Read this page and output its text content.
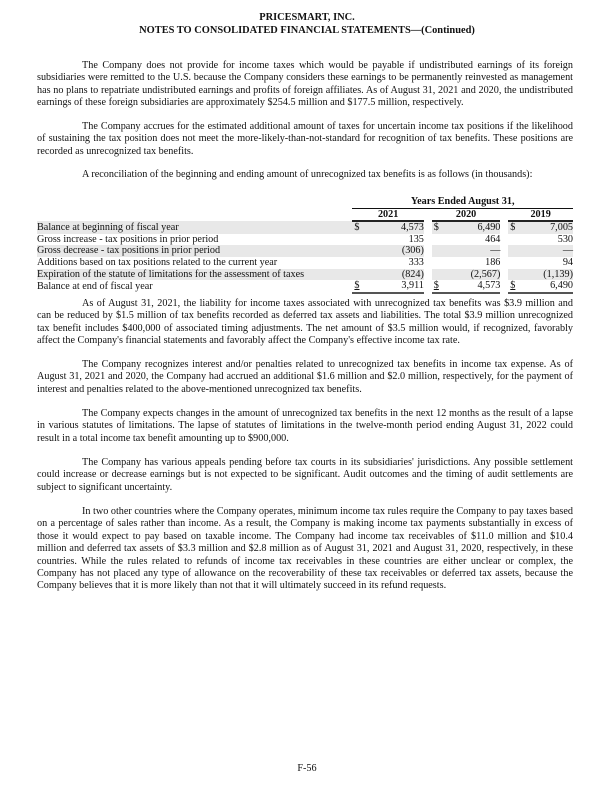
PRICESMART, INC.
NOTES TO CONSOLIDATED FINANCIAL STATEMENTS—(Continued)

The Company does not provide for income taxes which would be payable if undistributed earnings of its foreign subsidiaries were remitted to the U.S. because the Company considers these earnings to be permanently reinvested as management has no plans to repatriate undistributed earnings and profits of foreign affiliates. As of August 31, 2021 and 2020, the undistributed earnings of these foreign subsidiaries are approximately $254.5 million and $177.5 million, respectively.

The Company accrues for the estimated additional amount of taxes for uncertain income tax positions if the likelihood of sustaining the tax position does not meet the more-likely-than-not-standard for recognition of tax benefits. These positions are recorded as unrecognized tax benefits.

A reconciliation of the beginning and ending amount of unrecognized tax benefits is as follows (in thousands):

	Years Ended August 31,							
	2021			2020			2019	
Balance at beginning of fiscal year	$	4,573		$	6,490		$	7,005
Gross increase - tax positions in prior period		135			464			530
Gross decrease - tax positions in prior period		(306)			—			—
Additions based on tax positions related to the current year		333			186			94
Expiration of the statute of limitations for the assessment of taxes		(824)			(2,567)			(1,139)
Balance at end of fiscal year	$	3,911		$	4,573		$	6,490

As of August 31, 2021, the liability for income taxes associated with unrecognized tax benefits was $3.9 million and can be reduced by $1.5 million of tax benefits recorded as deferred tax assets and liabilities. The total $3.9 million unrecognized tax benefit includes $400,000 of associated timing adjustments. The net amount of $3.5 million would, if recognized, favorably affect the Company's financial statements and favorably affect the Company's effective income tax rate.

The Company recognizes interest and/or penalties related to unrecognized tax benefits in income tax expense. As of August 31, 2021 and 2020, the Company had accrued an additional $1.6 million and $2.0 million, respectively, for the payment of interest and penalties related to the above-mentioned unrecognized tax benefits.

The Company expects changes in the amount of unrecognized tax benefits in the next 12 months as the result of a lapse in various statutes of limitations. The lapse of statutes of limitations in the twelve-month period ending August 31, 2022 could result in a total income tax benefit amounting up to $900,000.

The Company has various appeals pending before tax courts in its subsidiaries' jurisdictions. Any possible settlement could increase or decrease earnings but is not expected to be significant. Audit outcomes and the timing of audit settlements are subject to significant uncertainty.

In two other countries where the Company operates, minimum income tax rules require the Company to pay taxes based on a percentage of sales rather than income. As a result, the Company is making income tax payments substantially in excess of those it would expect to pay based on taxable income. The Company had income tax receivables of $11.0 million and $10.4 million and deferred tax assets of $3.3 million and $2.8 million as of August 31, 2021 and August 31, 2020, respectively, in these countries. While the rules related to refunds of income tax receivables in these countries are either unclear or complex, the Company has not placed any type of allowance on the recoverability of these tax receivables or deferred tax assets, because the Company believes that it is more likely than not that it will ultimately succeed in its refund requests.

F-56
